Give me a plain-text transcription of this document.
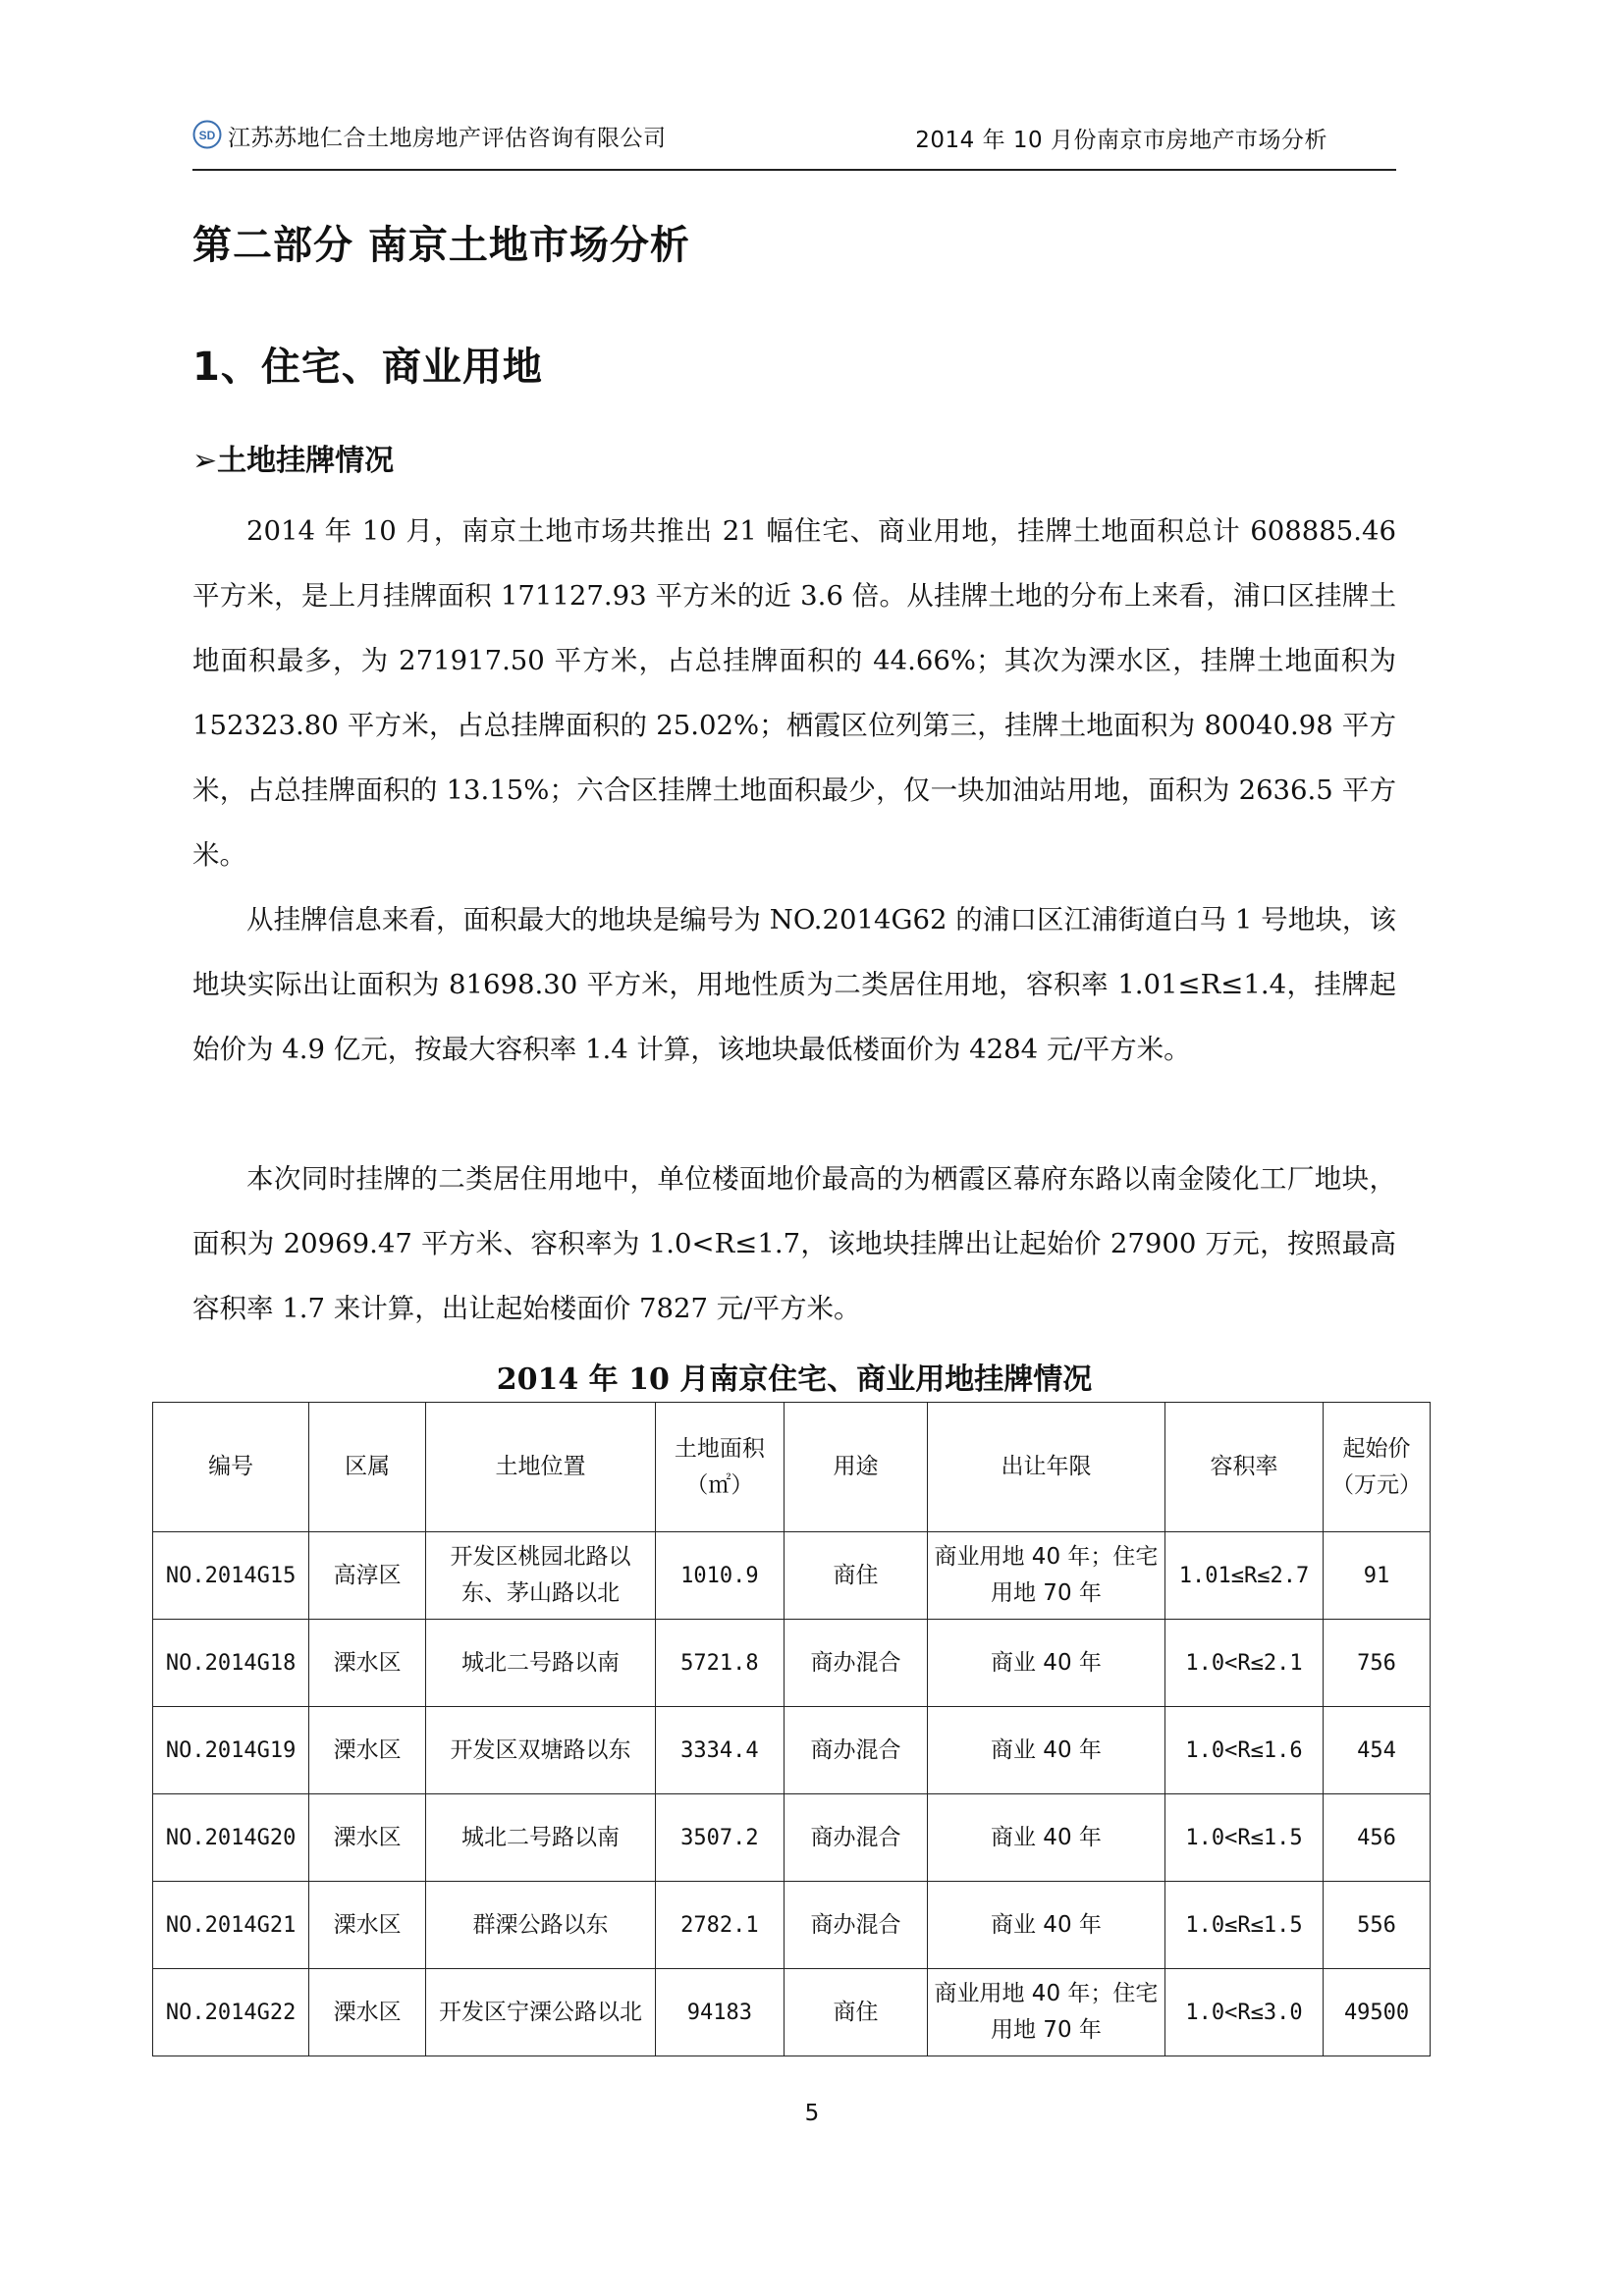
SD 江苏苏地仁合土地房地产评估咨询有限公司	2014 年 10 月份南京市房地产市场分析
第二部分 南京土地市场分析
1、住宅、商业用地
➢土地挂牌情况

2014 年 10 月，南京土地市场共推出 21 幅住宅、商业用地，挂牌土地面积总计 608885.46 平方米，是上月挂牌面积 171127.93 平方米的近 3.6 倍。从挂牌土地的分布上来看，浦口区挂牌土地面积最多，为 271917.50 平方米，占总挂牌面积的 44.66%；其次为溧水区，挂牌土地面积为 152323.80 平方米，占总挂牌面积的 25.02%；栖霞区位列第三，挂牌土地面积为 80040.98 平方米，占总挂牌面积的 13.15%；六合区挂牌土地面积最少，仅一块加油站用地，面积为 2636.5 平方米。

从挂牌信息来看，面积最大的地块是编号为 NO.2014G62 的浦口区江浦街道白马 1 号地块，该地块实际出让面积为 81698.30 平方米，用地性质为二类居住用地，容积率 1.01≤R≤1.4，挂牌起始价为 4.9 亿元，按最大容积率 1.4 计算，该地块最低楼面价为 4284 元/平方米。

本次同时挂牌的二类居住用地中，单位楼面地价最高的为栖霞区幕府东路以南金陵化工厂地块，面积为 20969.47 平方米、容积率为 1.0<R≤1.7，该地块挂牌出让起始价 27900 万元，按照最高容积率 1.7 来计算，出让起始楼面价 7827 元/平方米。

2014 年 10 月南京住宅、商业用地挂牌情况
编号	区属	土地位置	土地面积（㎡）	用途	出让年限	容积率	起始价（万元）
NO.2014G15	高淳区	开发区桃园北路以东、茅山路以北	1010.9	商住	商业用地 40 年；住宅用地 70 年	1.01≤R≤2.7	91
NO.2014G18	溧水区	城北二号路以南	5721.8	商办混合	商业 40 年	1.0<R≤2.1	756
NO.2014G19	溧水区	开发区双塘路以东	3334.4	商办混合	商业 40 年	1.0<R≤1.6	454
NO.2014G20	溧水区	城北二号路以南	3507.2	商办混合	商业 40 年	1.0<R≤1.5	456
NO.2014G21	溧水区	群溧公路以东	2782.1	商办混合	商业 40 年	1.0≤R≤1.5	556
NO.2014G22	溧水区	开发区宁溧公路以北	94183	商住	商业用地 40 年；住宅用地 70 年	1.0<R≤3.0	49500
5
